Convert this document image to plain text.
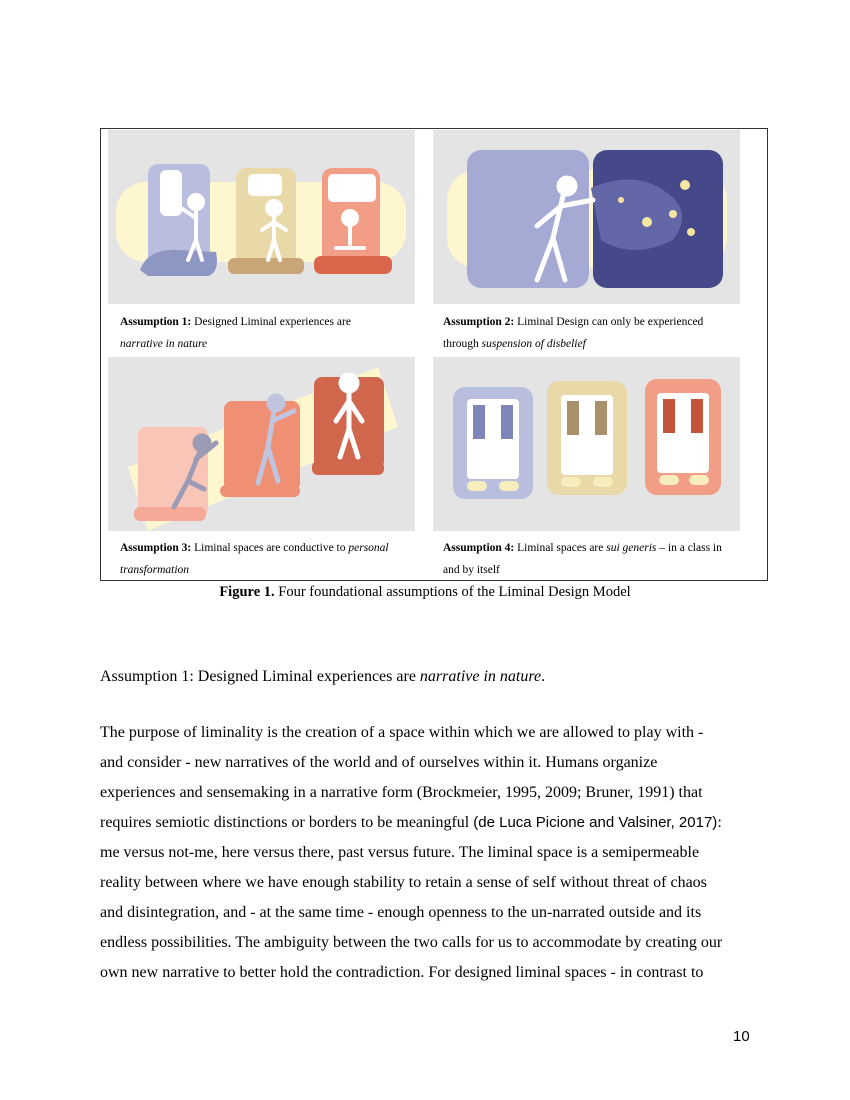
Assumption 1: Designed Liminal experiences are
narrative in nature
Assumption 2: Liminal Design can only be experienced
through suspension of disbelief
Assumption 3: Liminal spaces are conductive to personal
transformation
Assumption 4: Liminal spaces are sui generis – in a class in
and by itself
Figure 1. Four foundational assumptions of the Liminal Design Model
Assumption 1: Designed Liminal experiences are narrative in nature.
The purpose of liminality is the creation of a space within which we are allowed to play with -
and consider - new narratives of the world and of ourselves within it. Humans organize
experiences and sensemaking in a narrative form (Brockmeier, 1995, 2009; Bruner, 1991) that
requires semiotic distinctions or borders to be meaningful (de Luca Picione and Valsiner, 2017):
me versus not-me, here versus there, past versus future. The liminal space is a semipermeable
reality between where we have enough stability to retain a sense of self without threat of chaos
and disintegration, and - at the same time - enough openness to the un-narrated outside and its
endless possibilities. The ambiguity between the two calls for us to accommodate by creating our
own new narrative to better hold the contradiction. For designed liminal spaces - in contrast to
10
